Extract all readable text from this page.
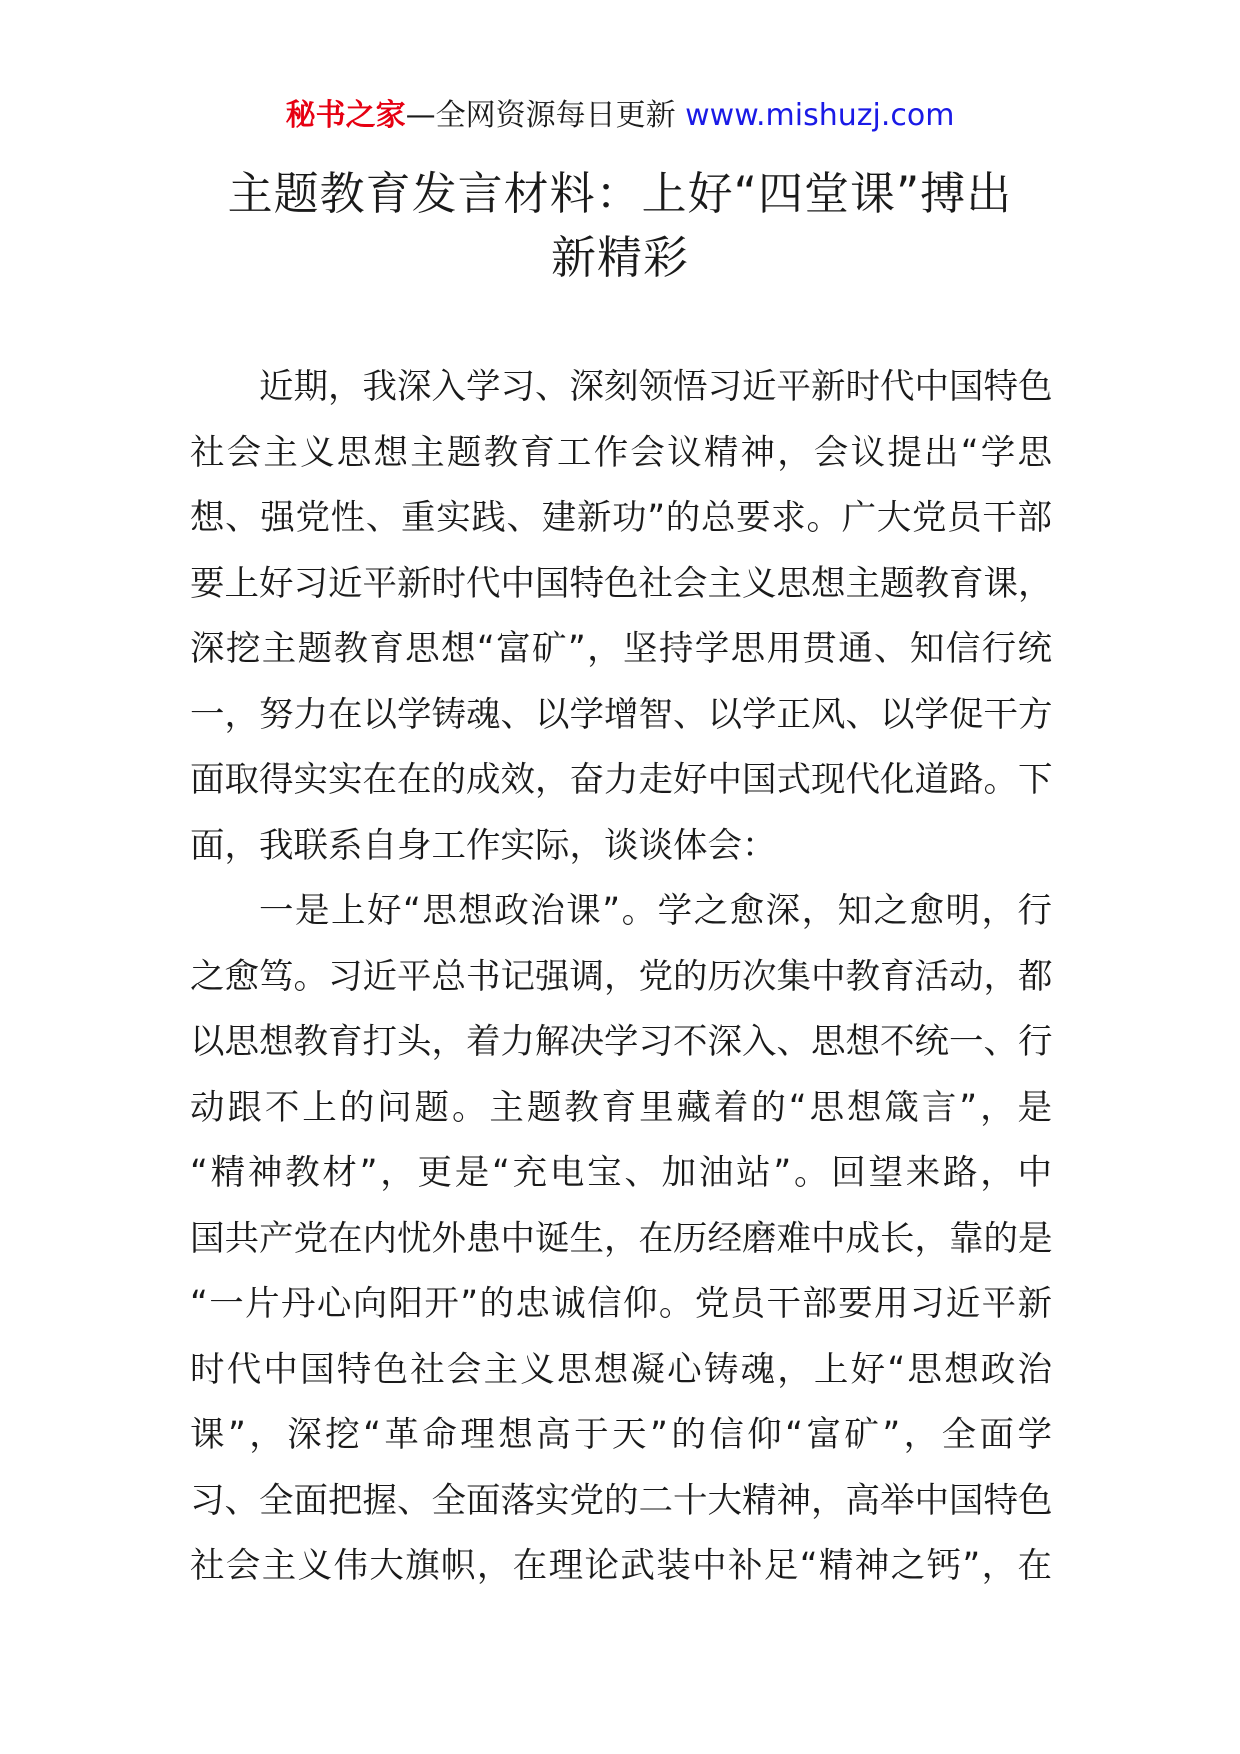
秘书之家—全网资源每日更新 www.mishuzj.com
主题教育发言材料：上好“四堂课”搏出
新精彩
近期，我深入学习、深刻领悟习近平新时代中国特色
社会主义思想主题教育工作会议精神，会议提出“学思
想、强党性、重实践、建新功”的总要求。广大党员干部
要上好习近平新时代中国特色社会主义思想主题教育课，
深挖主题教育思想“富矿”，坚持学思用贯通、知信行统
一，努力在以学铸魂、以学增智、以学正风、以学促干方
面取得实实在在的成效，奋力走好中国式现代化道路。下
面，我联系自身工作实际，谈谈体会：
一是上好“思想政治课”。学之愈深，知之愈明，行
之愈笃。习近平总书记强调，党的历次集中教育活动，都
以思想教育打头，着力解决学习不深入、思想不统一、行
动跟不上的问题。主题教育里藏着的“思想箴言”，是
“精神教材”，更是“充电宝、加油站”。回望来路，中
国共产党在内忧外患中诞生，在历经磨难中成长，靠的是
“一片丹心向阳开”的忠诚信仰。党员干部要用习近平新
时代中国特色社会主义思想凝心铸魂，上好“思想政治
课”，深挖“革命理想高于天”的信仰“富矿”，全面学
习、全面把握、全面落实党的二十大精神，高举中国特色
社会主义伟大旗帜，在理论武装中补足“精神之钙”，在
